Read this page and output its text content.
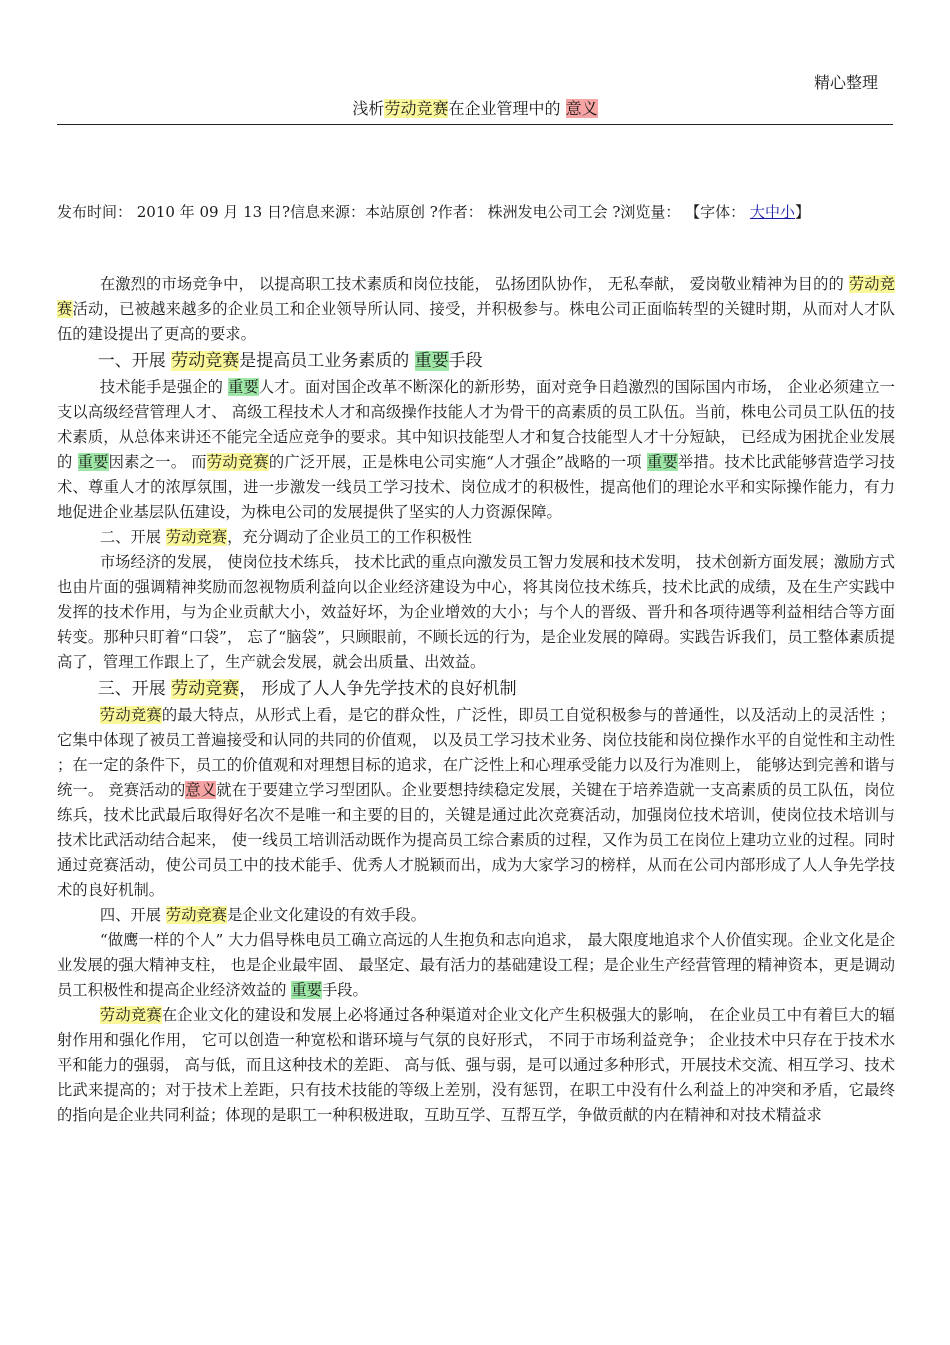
精心整理
浅析劳动竞赛在企业管理中的 意义
发布时间： 2010 年 09 月 13 日?信息来源：本站原创 ?作者： 株洲发电公司工会 ?浏览量： 【字体： 大中小】

在激烈的市场竞争中， 以提高职工技术素质和岗位技能， 弘扬团队协作， 无私奉献， 爱岗敬业精神为目的的 劳动竞赛活动，已被越来越多的企业员工和企业领导所认同、接受，并积极参与。株电公司正面临转型的关键时期，从而对人才队伍的建设提出了更高的要求。

一、开展 劳动竞赛是提高员工业务素质的 重要手段

技术能手是强企的 重要人才。面对国企改革不断深化的新形势，面对竞争日趋激烈的国际国内市场， 企业必须建立一支以高级经营管理人才、 高级工程技术人才和高级操作技能人才为骨干的高素质的员工队伍。当前，株电公司员工队伍的技术素质，从总体来讲还不能完全适应竞争的要求。其中知识技能型人才和复合技能型人才十分短缺， 已经成为困扰企业发展的 重要因素之一。 而劳动竞赛的广泛开展，正是株电公司实施“人才强企”战略的一项 重要举措。技术比武能够营造学习技术、尊重人才的浓厚氛围，进一步激发一线员工学习技术、岗位成才的积极性，提高他们的理论水平和实际操作能力，有力地促进企业基层队伍建设，为株电公司的发展提供了坚实的人力资源保障。

二、开展 劳动竞赛，充分调动了企业员工的工作积极性

市场经济的发展， 使岗位技术练兵， 技术比武的重点向激发员工智力发展和技术发明， 技术创新方面发展；激励方式也由片面的强调精神奖励而忽视物质利益向以企业经济建设为中心，将其岗位技术练兵，技术比武的成绩，及在生产实践中发挥的技术作用，与为企业贡献大小，效益好坏，为企业增效的大小；与个人的晋级、晋升和各项待遇等利益相结合等方面转变。那种只盯着“口袋”， 忘了“脑袋”，只顾眼前，不顾长远的行为，是企业发展的障碍。实践告诉我们，员工整体素质提高了，管理工作跟上了，生产就会发展，就会出质量、出效益。

三、开展 劳动竞赛， 形成了人人争先学技术的良好机制

劳动竞赛的最大特点，从形式上看，是它的群众性，广泛性，即员工自觉积极参与的普通性，以及活动上的灵活性 ；它集中体现了被员工普遍接受和认同的共同的价值观， 以及员工学习技术业务、岗位技能和岗位操作水平的自觉性和主动性 ；在一定的条件下，员工的价值观和对理想目标的追求，在广泛性上和心理承受能力以及行为准则上， 能够达到完善和谐与统一。 竞赛活动的意义就在于要建立学习型团队。企业要想持续稳定发展，关键在于培养造就一支高素质的员工队伍，岗位练兵，技术比武最后取得好名次不是唯一和主要的目的，关键是通过此次竞赛活动，加强岗位技术培训，使岗位技术培训与技术比武活动结合起来， 使一线员工培训活动既作为提高员工综合素质的过程，又作为员工在岗位上建功立业的过程。同时通过竞赛活动，使公司员工中的技术能手、优秀人才脱颖而出，成为大家学习的榜样，从而在公司内部形成了人人争先学技术的良好机制。

四、开展 劳动竞赛是企业文化建设的有效手段。

“做鹰一样的个人” 大力倡导株电员工确立高远的人生抱负和志向追求， 最大限度地追求个人价值实现。企业文化是企业发展的强大精神支柱， 也是企业最牢固、 最坚定、最有活力的基础建设工程；是企业生产经营管理的精神资本，更是调动员工积极性和提高企业经济效益的 重要手段。

劳动竞赛在企业文化的建设和发展上必将通过各种渠道对企业文化产生积极强大的影响， 在企业员工中有着巨大的辐射作用和强化作用， 它可以创造一种宽松和谐环境与气氛的良好形式， 不同于市场利益竞争； 企业技术中只存在于技术水平和能力的强弱， 高与低，而且这种技术的差距、 高与低、强与弱，是可以通过多种形式，开展技术交流、相互学习、技术比武来提高的；对于技术上差距，只有技术技能的等级上差别，没有惩罚，在职工中没有什么利益上的冲突和矛盾，它最终的指向是企业共同利益；体现的是职工一种积极进取，互助互学、互帮互学，争做贡献的内在精神和对技术精益求
